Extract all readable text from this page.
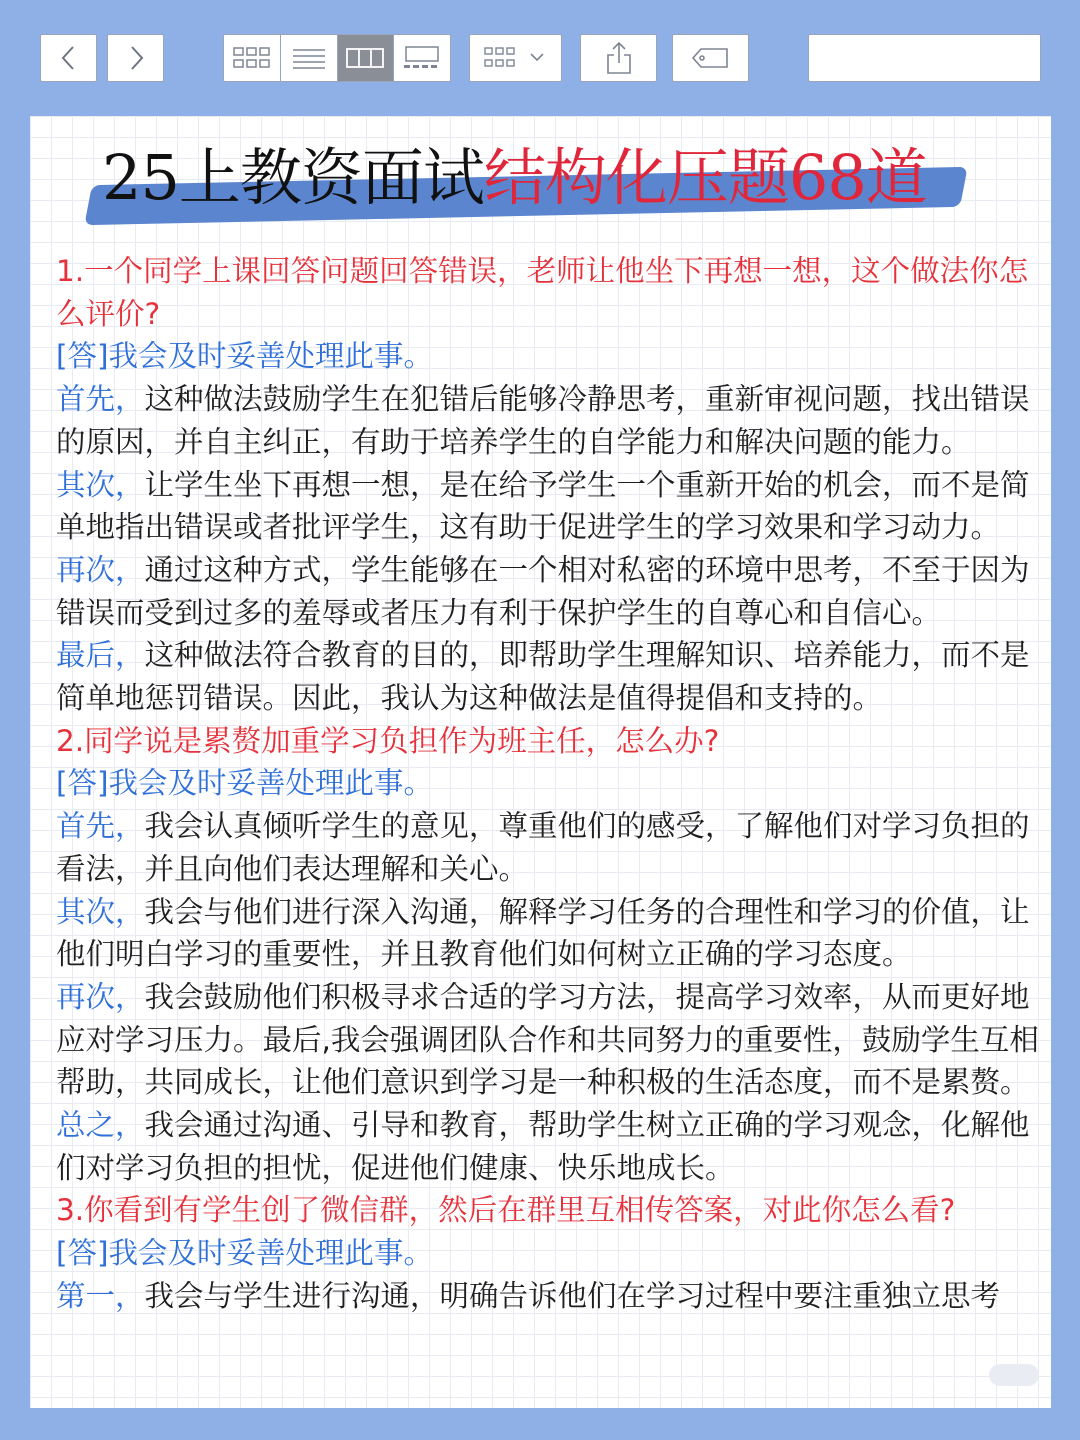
25上教资面试结构化压题68道

1.一个同学上课回答问题回答错误，老师让他坐下再想一想，这个做法你怎么评价?

[答]我会及时妥善处理此事。

首先，这种做法鼓励学生在犯错后能够冷静思考，重新审视问题，找出错误的原因，并自主纠正，有助于培养学生的自学能力和解决问题的能力。

其次，让学生坐下再想一想，是在给予学生一个重新开始的机会，而不是简单地指出错误或者批评学生，这有助于促进学生的学习效果和学习动力。

再次，通过这种方式，学生能够在一个相对私密的环境中思考，不至于因为错误而受到过多的羞辱或者压力有利于保护学生的自尊心和自信心。

最后，这种做法符合教育的目的，即帮助学生理解知识、培养能力，而不是简单地惩罚错误。因此，我认为这种做法是值得提倡和支持的。

2.同学说是累赘加重学习负担作为班主任，怎么办?

[答]我会及时妥善处理此事。

首先，我会认真倾听学生的意见，尊重他们的感受，了解他们对学习负担的看法，并且向他们表达理解和关心。

其次，我会与他们进行深入沟通，解释学习任务的合理性和学习的价值，让他们明白学习的重要性，并且教育他们如何树立正确的学习态度。

再次，我会鼓励他们积极寻求合适的学习方法，提高学习效率，从而更好地应对学习压力。最后,我会强调团队合作和共同努力的重要性，鼓励学生互相帮助，共同成长，让他们意识到学习是一种积极的生活态度，而不是累赘。

总之，我会通过沟通、引导和教育，帮助学生树立正确的学习观念，化解他们对学习负担的担忧，促进他们健康、快乐地成长。

3.你看到有学生创了微信群，然后在群里互相传答案，对此你怎么看?

[答]我会及时妥善处理此事。

第一，我会与学生进行沟通，明确告诉他们在学习过程中要注重独立思考
